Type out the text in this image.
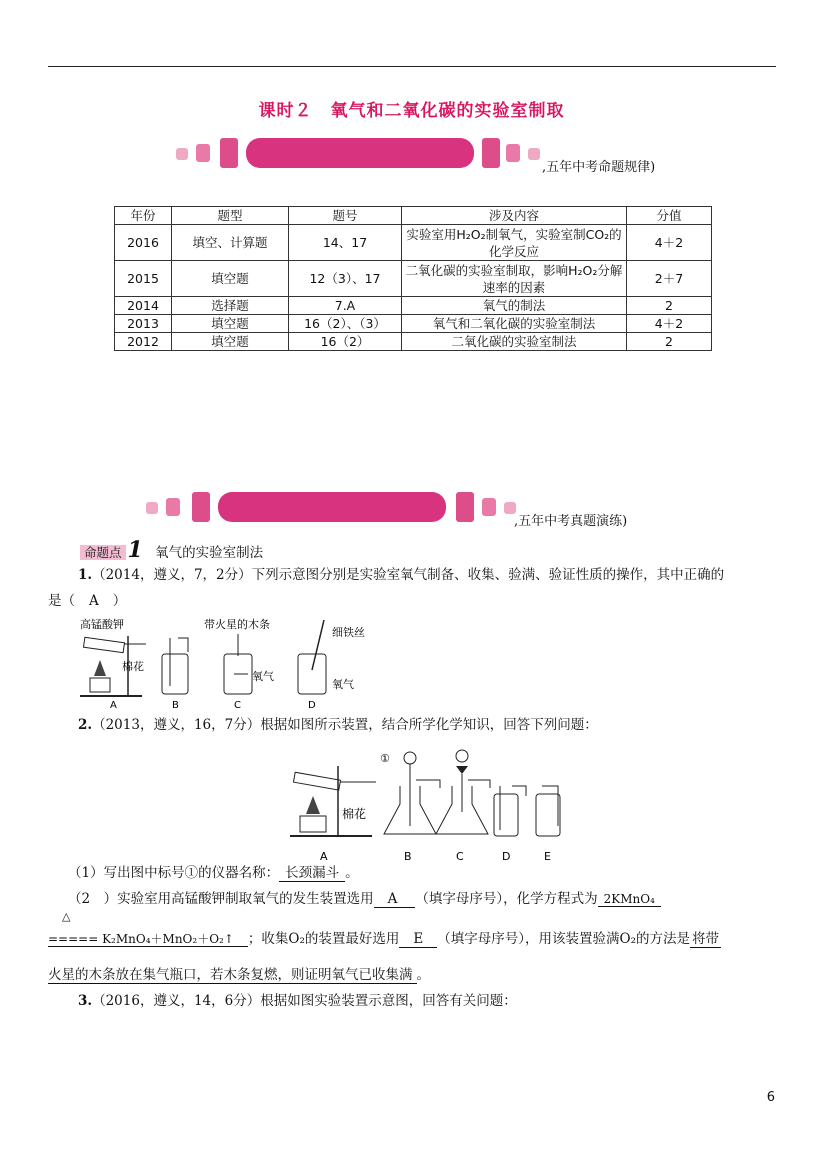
课时２　氧气和二氧化碳的实验室制取
,五年中考命题规律)
年份	题型	题号	涉及内容	分值
2016	填空、计算题	14、17	实验室用H₂O₂制氧气，实验室制CO₂的化学反应	4＋2
2015	填空题	12（3）、17	二氧化碳的实验室制取，影响H₂O₂分解速率的因素	2＋7
2014	选择题	7.A	氧气的制法	2
2013	填空题	16（2）、（3）	氧气和二氧化碳的实验室制法	4＋2
2012	填空题	16（2）	二氧化碳的实验室制法	2
,五年中考真题演练)
命题点 1 氧气的实验室制法
1.（2014，遵义，7，2分）下列示意图分别是实验室氧气制备、收集、验满、验证性质的操作，其中正确的
是（ A ）
高锰酸钾
棉花
A	B
带火星的木条
氧气
C
细铁丝
氧气
D
2.（2013，遵义，16，7分）根据如图所示装置，结合所学化学知识，回答下列问题：
棉花
A
①
B	C	D	E
（1）写出图中标号①的仪器名称： 长颈漏斗 。
（2　）实验室用高锰酸钾制取氧气的发生装置选用 A （填字母序号），化学方程式为 2KMnO₄
△
===== K₂MnO₄＋MnO₂＋O₂↑ ；收集O₂的装置最好选用 E （填字母序号），用该装置验满O₂的方法是 将带
火星的木条放在集气瓶口，若木条复燃，则证明氧气已收集满 。
3.（2016，遵义，14，6分）根据如图实验装置示意图，回答有关问题：
6
